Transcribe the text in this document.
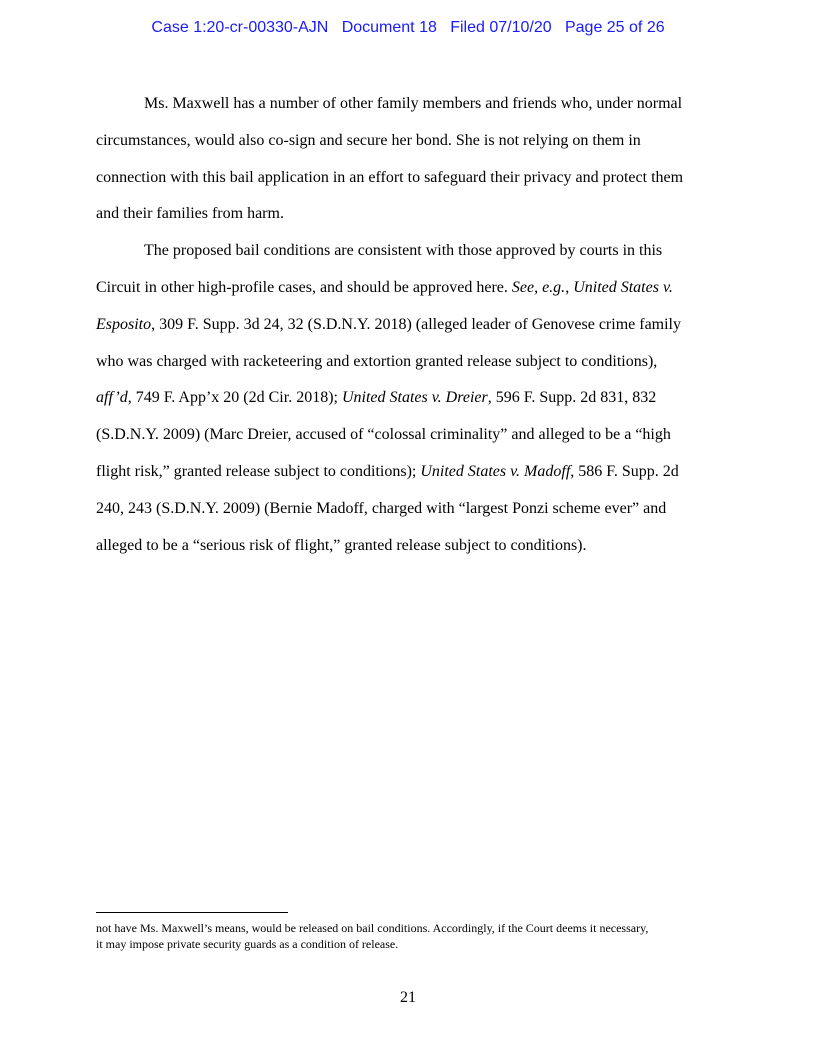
Case 1:20-cr-00330-AJN Document 18 Filed 07/10/20 Page 25 of 26
Ms. Maxwell has a number of other family members and friends who, under normal
circumstances, would also co-sign and secure her bond. She is not relying on them in
connection with this bail application in an effort to safeguard their privacy and protect them
and their families from harm.
The proposed bail conditions are consistent with those approved by courts in this
Circuit in other high-profile cases, and should be approved here. See, e.g., United States v.
Esposito, 309 F. Supp. 3d 24, 32 (S.D.N.Y. 2018) (alleged leader of Genovese crime family
who was charged with racketeering and extortion granted release subject to conditions),
aff’d, 749 F. App’x 20 (2d Cir. 2018); United States v. Dreier, 596 F. Supp. 2d 831, 832
(S.D.N.Y. 2009) (Marc Dreier, accused of “colossal criminality” and alleged to be a “high
flight risk,” granted release subject to conditions); United States v. Madoff, 586 F. Supp. 2d
240, 243 (S.D.N.Y. 2009) (Bernie Madoff, charged with “largest Ponzi scheme ever” and
alleged to be a “serious risk of flight,” granted release subject to conditions).
not have Ms. Maxwell’s means, would be released on bail conditions. Accordingly, if the Court deems it necessary,
it may impose private security guards as a condition of release.
21
